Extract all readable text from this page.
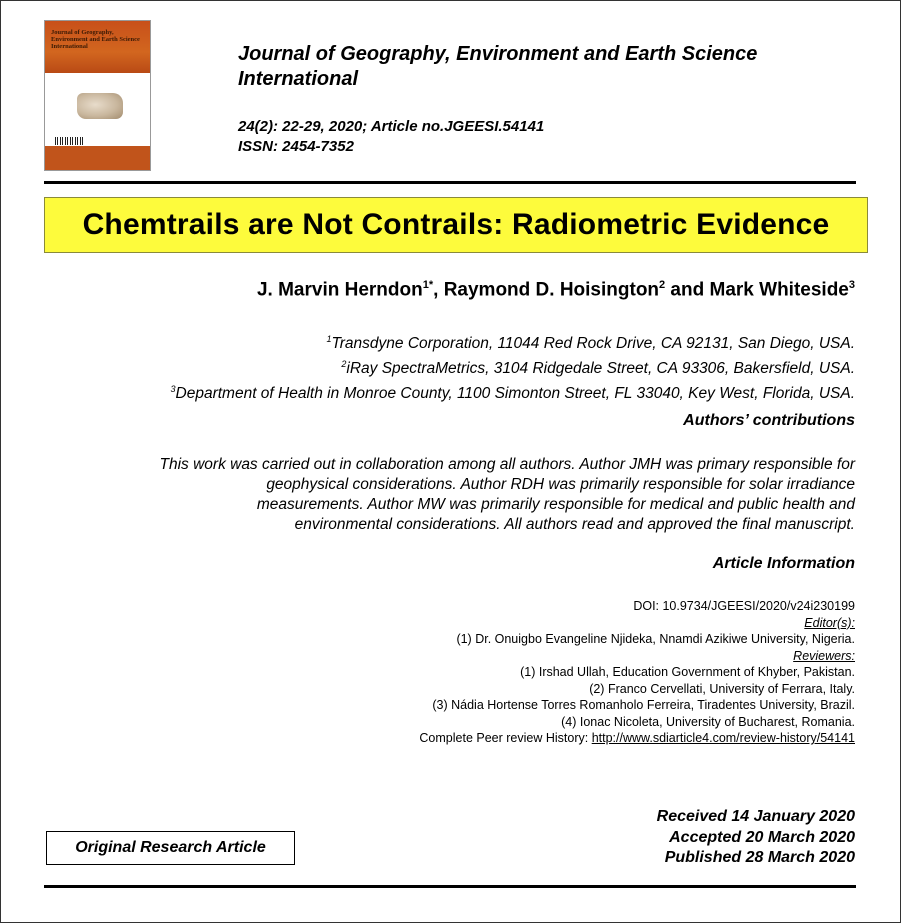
Journal of Geography, Environment and Earth Science International	Journal of Geography, Environment and Earth Science
International
24(2): 22-29, 2020; Article no.JGEESI.54141
ISSN: 2454-7352
Chemtrails are Not Contrails: Radiometric Evidence
J. Marvin Herndon$^{1*}$, Raymond D. Hoisington$^2$ and Mark Whiteside$^3$
$^1$Transdyne Corporation, 11044 Red Rock Drive, CA 92131, San Diego, USA.
$^2$iRay SpectraMetrics, 3104 Ridgedale Street, CA 93306, Bakersfield, USA.
$^3$Department of Health in Monroe County, 1100 Simonton Street, FL 33040, Key West, Florida, USA.
Authors’ contributions
This work was carried out in collaboration among all authors. Author JMH was primary responsible for
geophysical considerations. Author RDH was primarily responsible for solar irradiance
measurements. Author MW was primarily responsible for medical and public health and
environmental considerations. All authors read and approved the final manuscript.
Article Information
DOI: 10.9734/JGEESI/2020/v24i230199
Editor(s):
(1) Dr. Onuigbo Evangeline Njideka, Nnamdi Azikiwe University, Nigeria.
Reviewers:
(1) Irshad Ullah, Education Government of Khyber, Pakistan.
(2) Franco Cervellati, University of Ferrara, Italy.
(3) Nádia Hortense Torres Romanholo Ferreira, Tiradentes University, Brazil.
(4) Ionac Nicoleta, University of Bucharest, Romania.
Complete Peer review History: http://www.sdiarticle4.com/review-history/54141
Original Research Article
Received 14 January 2020
Accepted 20 March 2020
Published 28 March 2020
